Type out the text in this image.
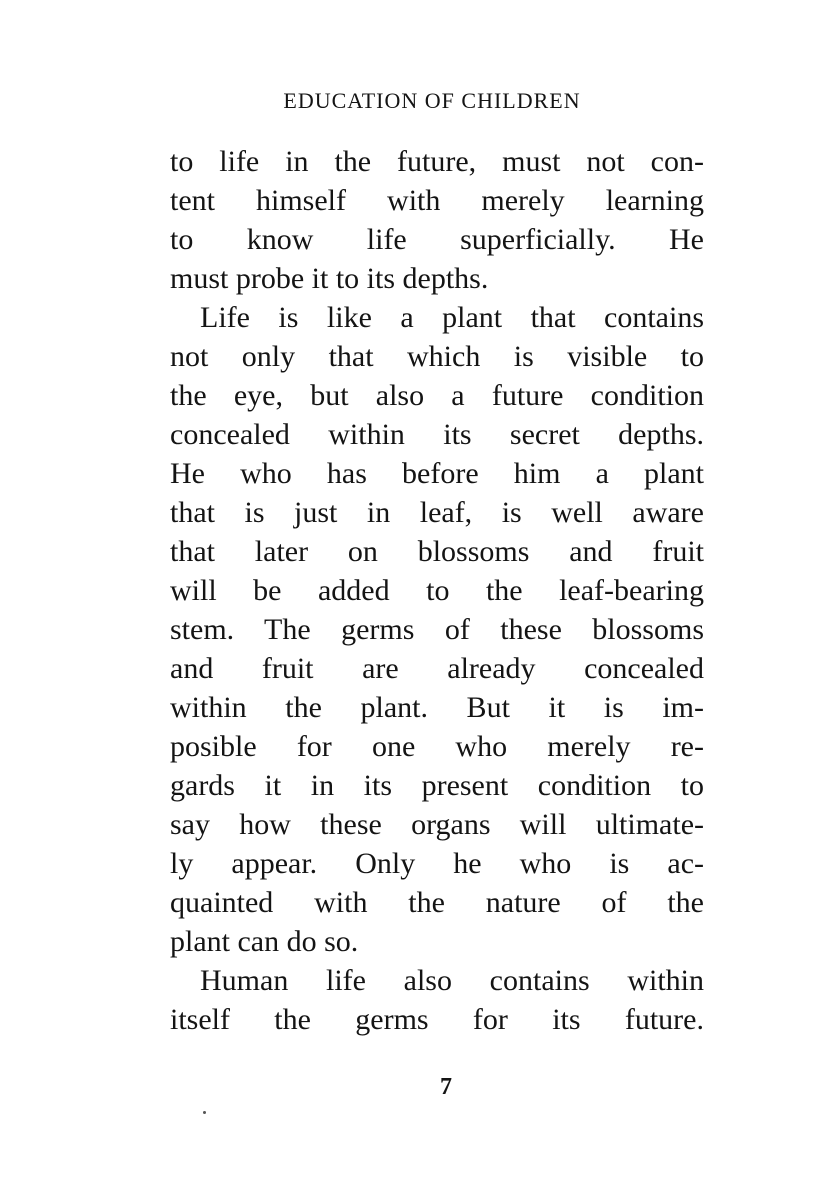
EDUCATION OF CHILDREN
to life in the future, must not con-
tent himself with merely learning
to know life superficially. He
must probe it to its depths.
Life is like a plant that contains
not only that which is visible to
the eye, but also a future condition
concealed within its secret depths.
He who has before him a plant
that is just in leaf, is well aware
that later on blossoms and fruit
will be added to the leaf-bearing
stem. The germs of these blossoms
and fruit are already concealed
within the plant. But it is im-
posible for one who merely re-
gards it in its present condition to
say how these organs will ultimate-
ly appear. Only he who is ac-
quainted with the nature of the
plant can do so.
Human life also contains within
itself the germs for its future.
7
